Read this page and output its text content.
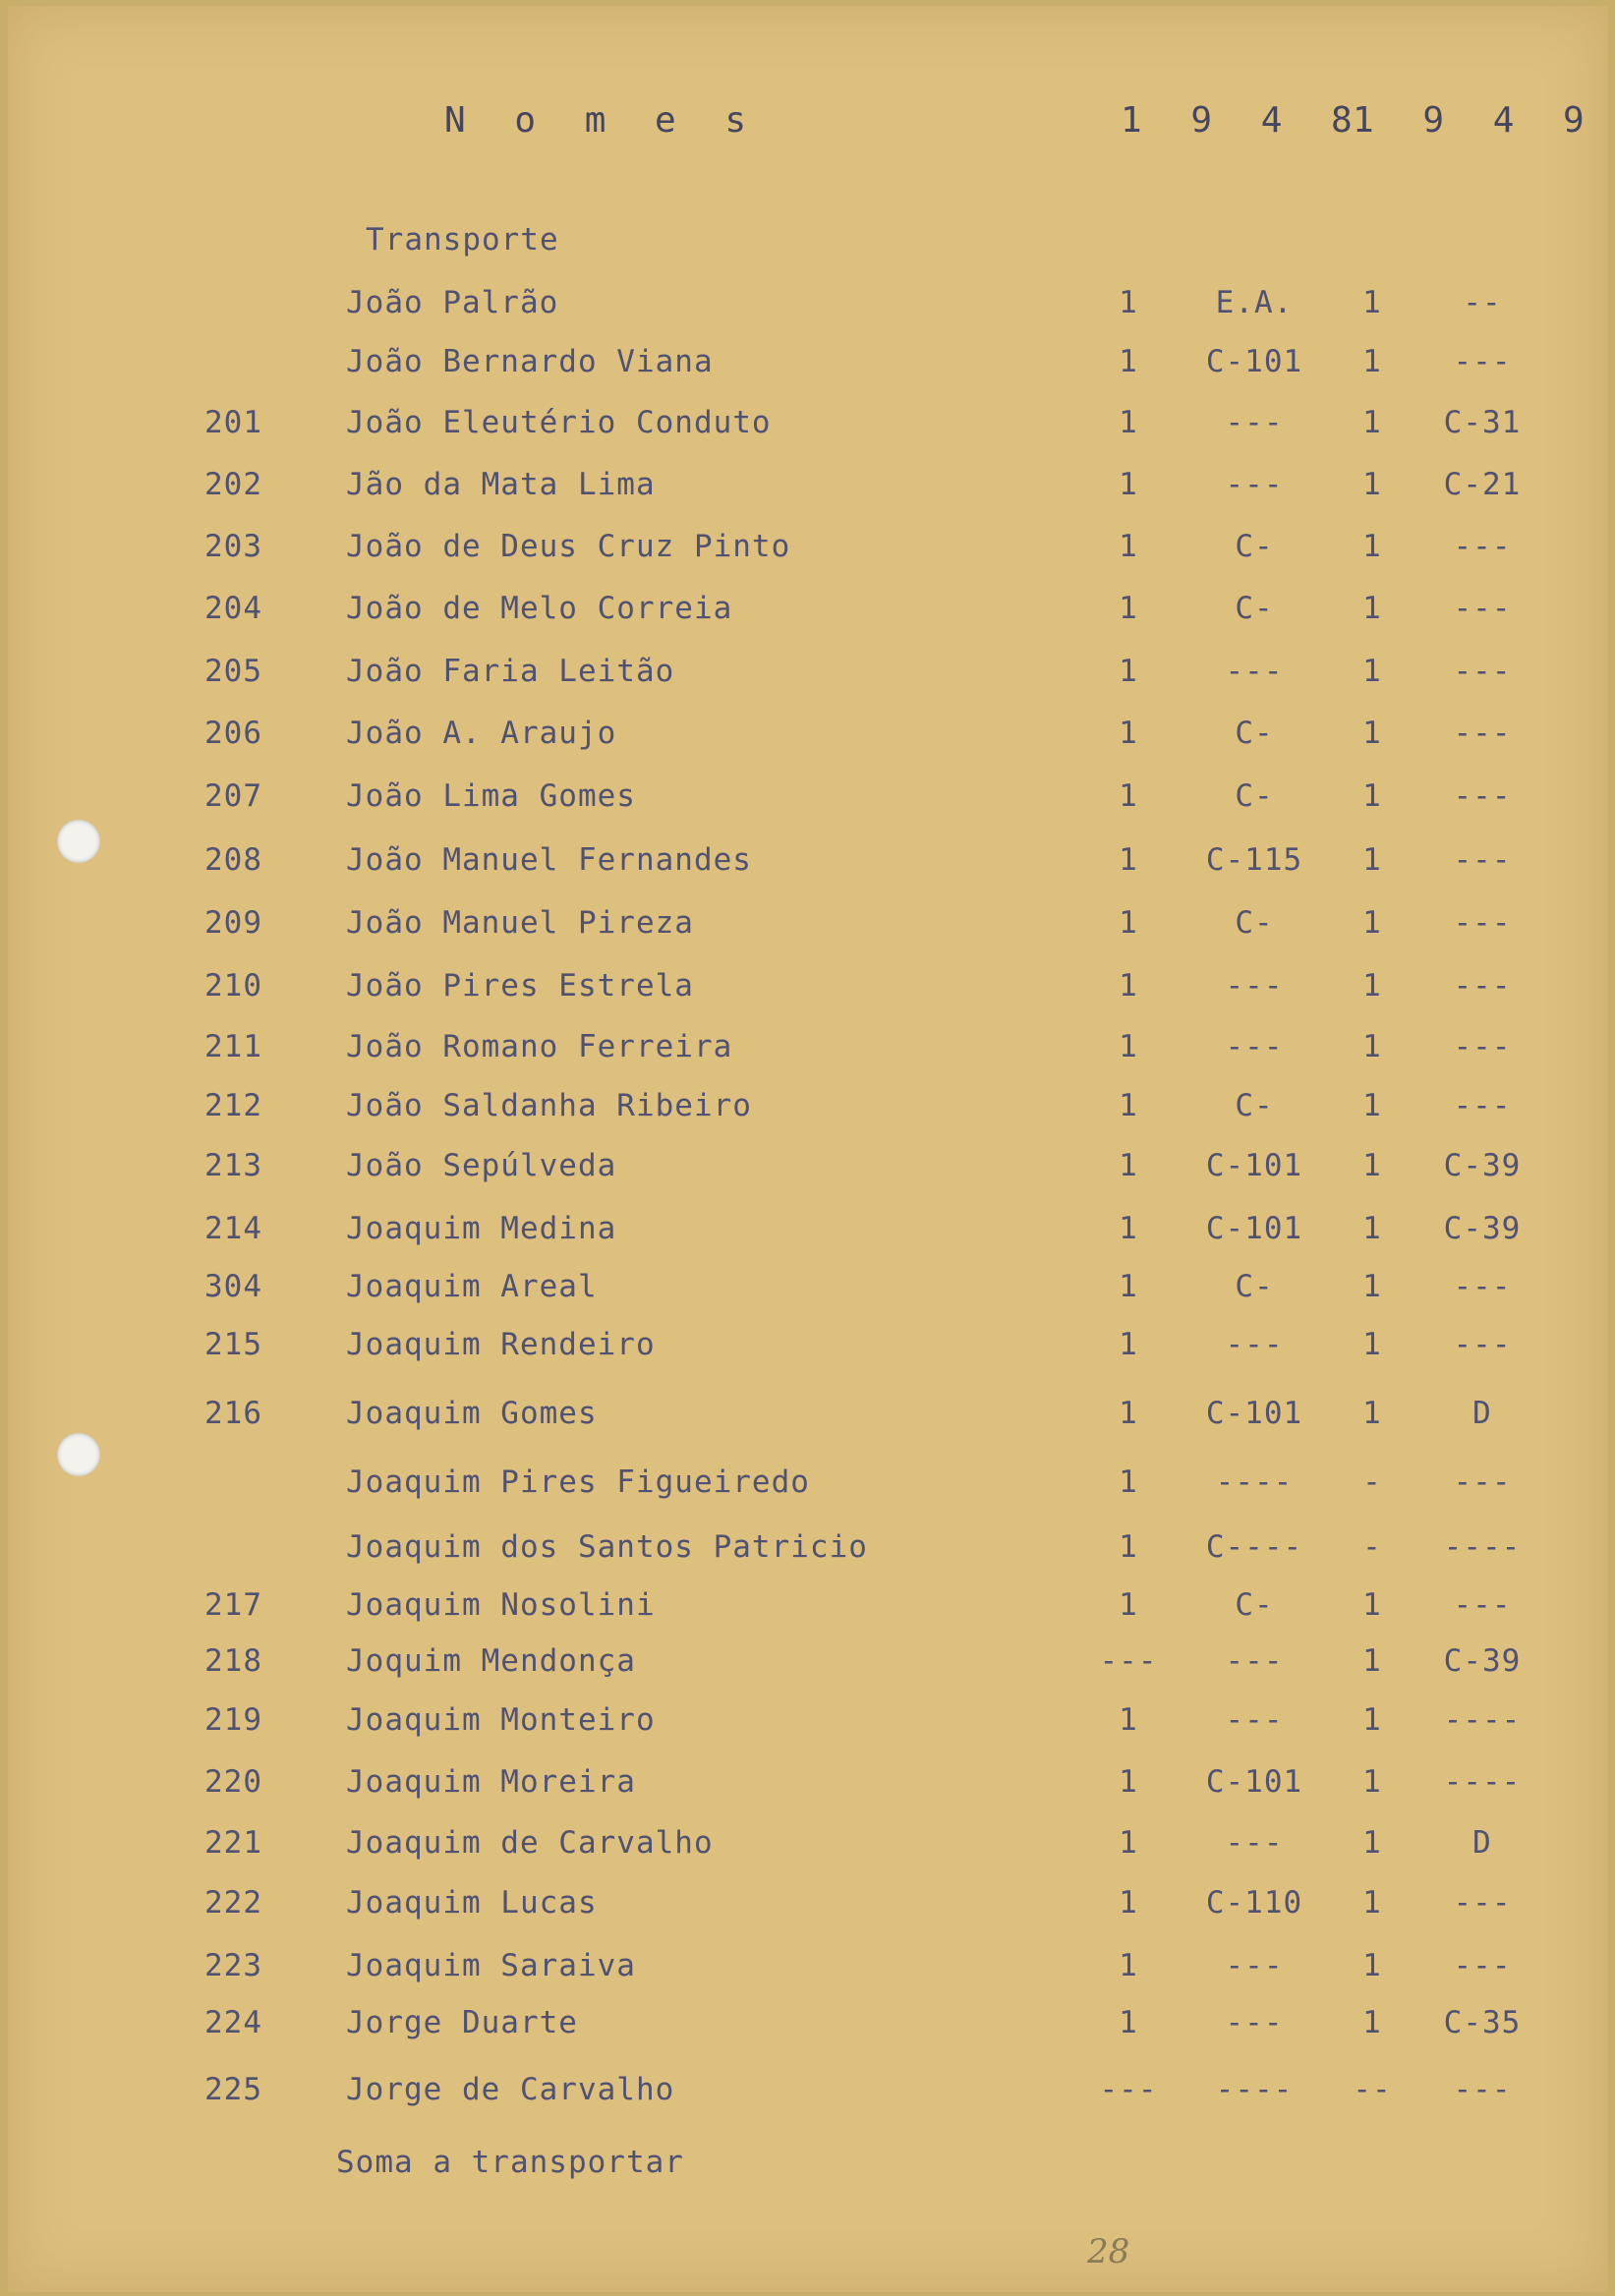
N o m e s	1 9 4 8
1 9 4 9
Transporte
João Palrão	1	E.A.	1	--
João Bernardo Viana	1	C-101	1	---
201	João Eleutério Conduto	1	---	1	C-31
202	Jão da Mata Lima	1	---	1	C-21
203	João de Deus Cruz Pinto	1	C-	1	---
204	João de Melo Correia	1	C-	1	---
205	João Faria Leitão	1	---	1	---
206	João A. Araujo	1	C-	1	---
207	João Lima Gomes	1	C-	1	---
208	João Manuel Fernandes	1	C-115	1	---
209	João Manuel Pireza	1	C-	1	---
210	João Pires Estrela	1	---	1	---
211	João Romano Ferreira	1	---	1	---
212	João Saldanha Ribeiro	1	C-	1	---
213	João Sepúlveda	1	C-101	1	C-39
214	Joaquim Medina	1	C-101	1	C-39
304	Joaquim Areal	1	C-	1	---
215	Joaquim Rendeiro	1	---	1	---
216	Joaquim Gomes	1	C-101	1	D
Joaquim Pires Figueiredo	1	----	-	---
Joaquim dos Santos Patricio	1	C----	-	----
217	Joaquim Nosolini	1	C-	1	---
218	Joquim Mendonça	---	---	1	C-39
219	Joaquim Monteiro	1	---	1	----
220	Joaquim Moreira	1	C-101	1	----
221	Joaquim de Carvalho	1	---	1	D
222	Joaquim Lucas	1	C-110	1	---
223	Joaquim Saraiva	1	---	1	---
224	Jorge Duarte	1	---	1	C-35
225	Jorge de Carvalho	---	----	--	---
Soma a transportar
28
